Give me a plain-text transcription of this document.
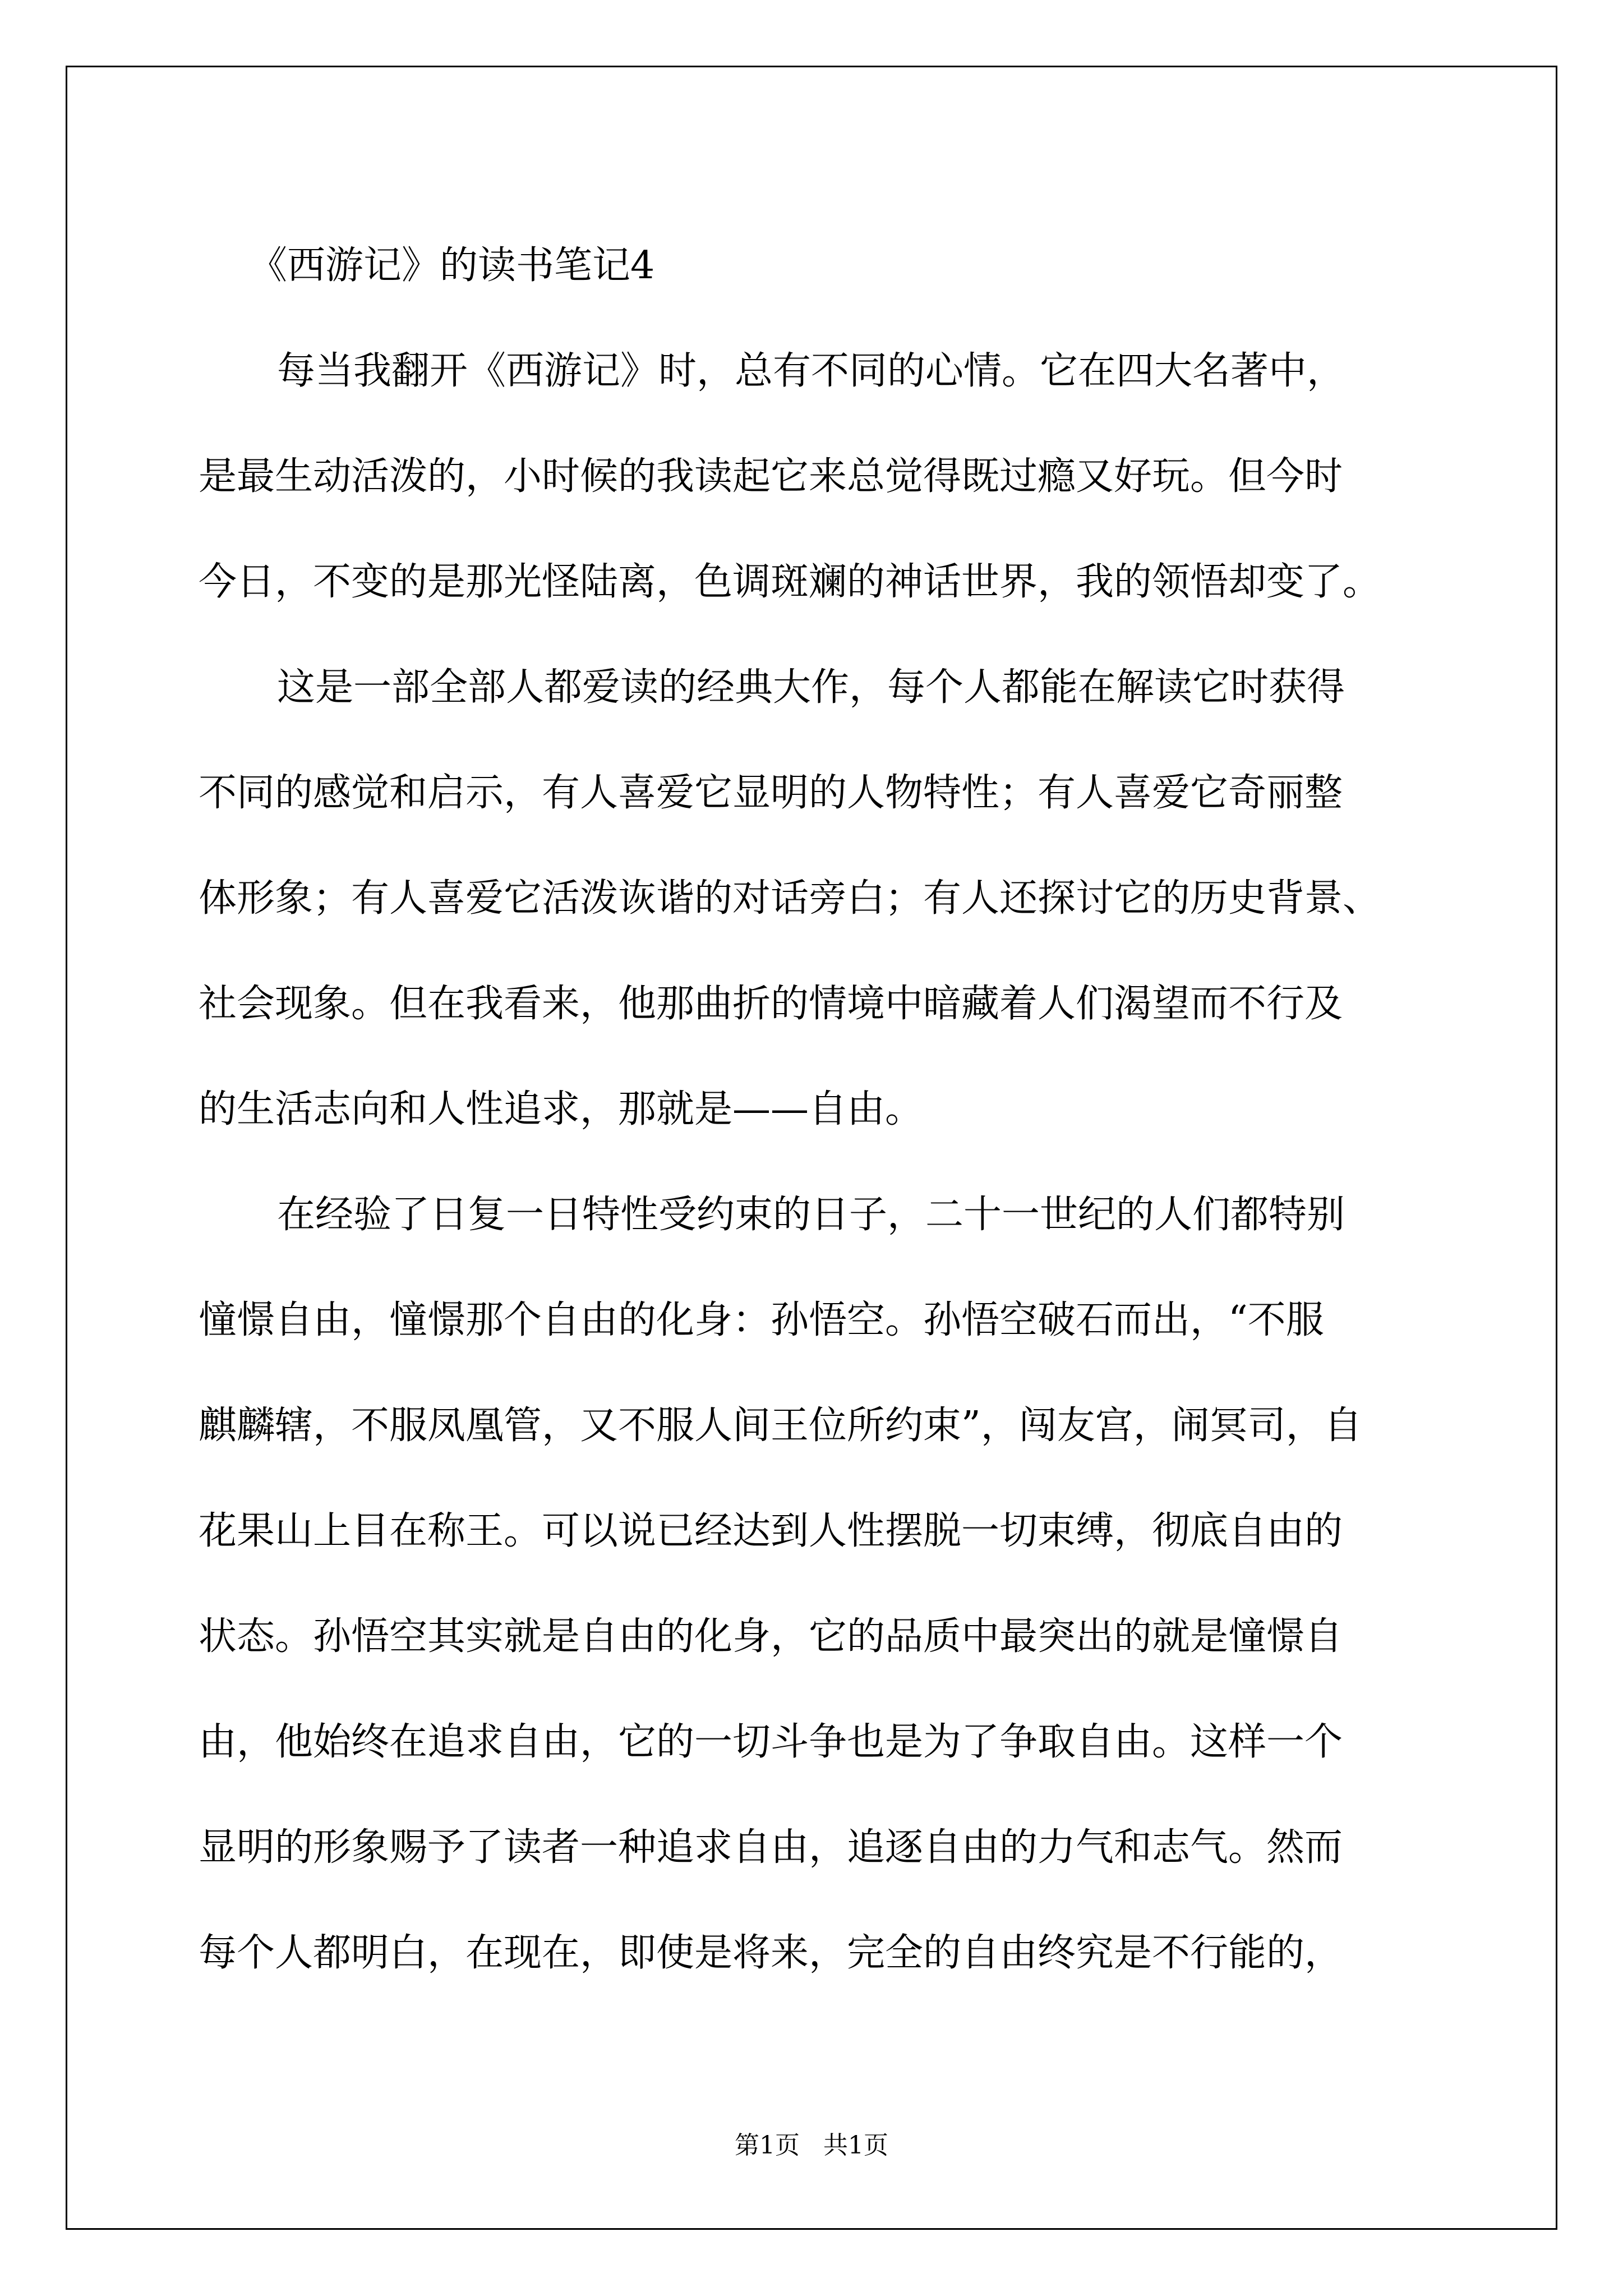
《西游记》的读书笔记4
每当我翻开《西游记》时，总有不同的心情。它在四大名著中，
是最生动活泼的，小时候的我读起它来总觉得既过瘾又好玩。但今时
今日，不变的是那光怪陆离，色调斑斓的神话世界，我的领悟却变了。
这是一部全部人都爱读的经典大作，每个人都能在解读它时获得
不同的感觉和启示，有人喜爱它显明的人物特性；有人喜爱它奇丽整
体形象；有人喜爱它活泼诙谐的对话旁白；有人还探讨它的历史背景、
社会现象。但在我看来，他那曲折的情境中暗藏着人们渴望而不行及
的生活志向和人性追求，那就是——自由。
在经验了日复一日特性受约束的日子，二十一世纪的人们都特别
憧憬自由，憧憬那个自由的化身：孙悟空。孙悟空破石而出，“不服
麒麟辖，不服凤凰管，又不服人间王位所约束”，闯友宫，闹冥司，自
花果山上目在称王。可以说已经达到人性摆脱一切束缚，彻底自由的
状态。孙悟空其实就是自由的化身，它的品质中最突出的就是憧憬自
由，他始终在追求自由，它的一切斗争也是为了争取自由。这样一个
显明的形象赐予了读者一种追求自由，追逐自由的力气和志气。然而
每个人都明白，在现在，即使是将来，完全的自由终究是不行能的，
第1页 共1页
